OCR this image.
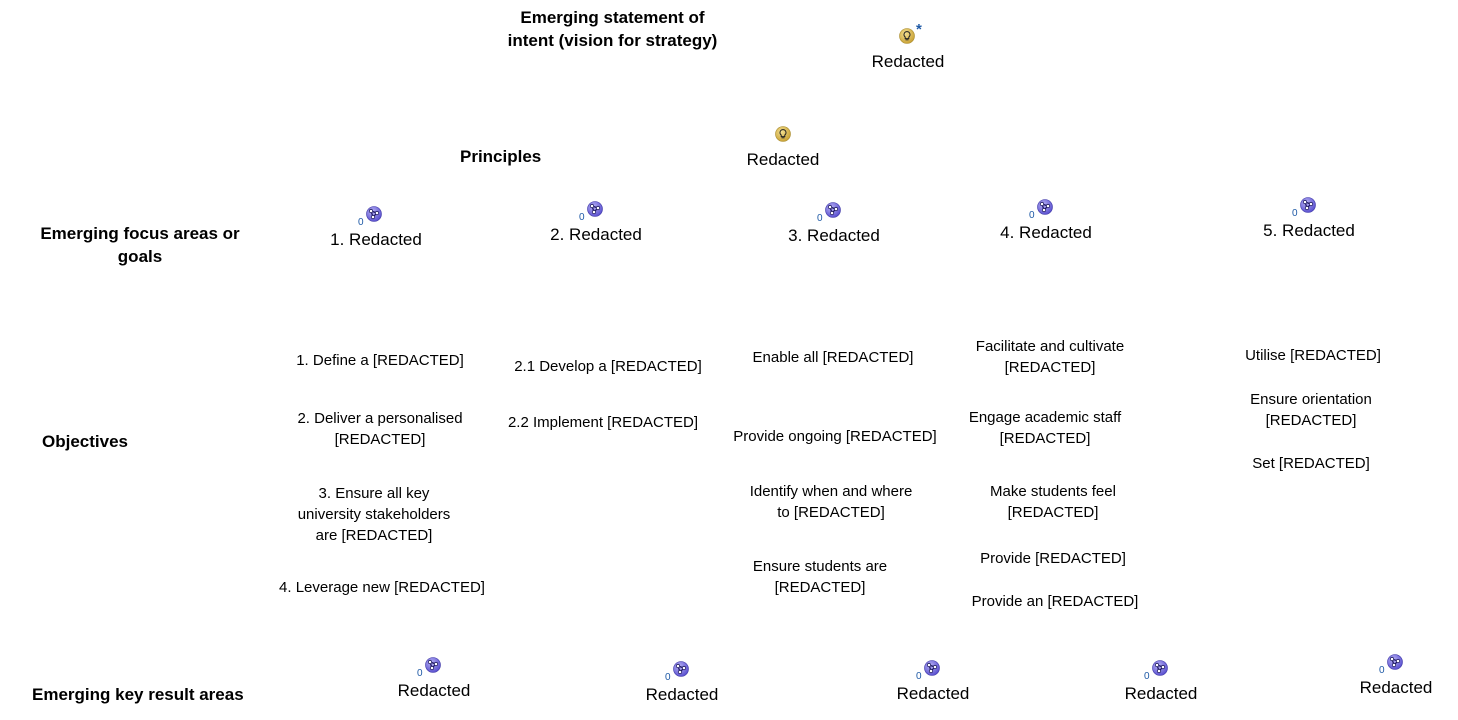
Emerging statement of intent (vision for strategy)
Principles
Emerging focus areas or goals
Objectives
Emerging key result areas
*
Redacted
Redacted
0
1. Redacted
0
2. Redacted
0
3. Redacted
0
4. Redacted
0
5. Redacted
1. Define a [REDACTED]
2. Deliver a personalised [REDACTED]
3. Ensure all key university stakeholders are [REDACTED]
4. Leverage new [REDACTED]
2.1 Develop a [REDACTED]
2.2 Implement [REDACTED]
Enable all [REDACTED]
Provide ongoing [REDACTED]
Identify when and where to [REDACTED]
Ensure students are [REDACTED]
Facilitate and cultivate [REDACTED]
Engage academic staff [REDACTED]
Make students feel [REDACTED]
Provide [REDACTED]
Provide an [REDACTED]
Utilise [REDACTED]
Ensure orientation [REDACTED]
Set [REDACTED]
0
Redacted
0
Redacted
0
Redacted
0
Redacted
0
Redacted
